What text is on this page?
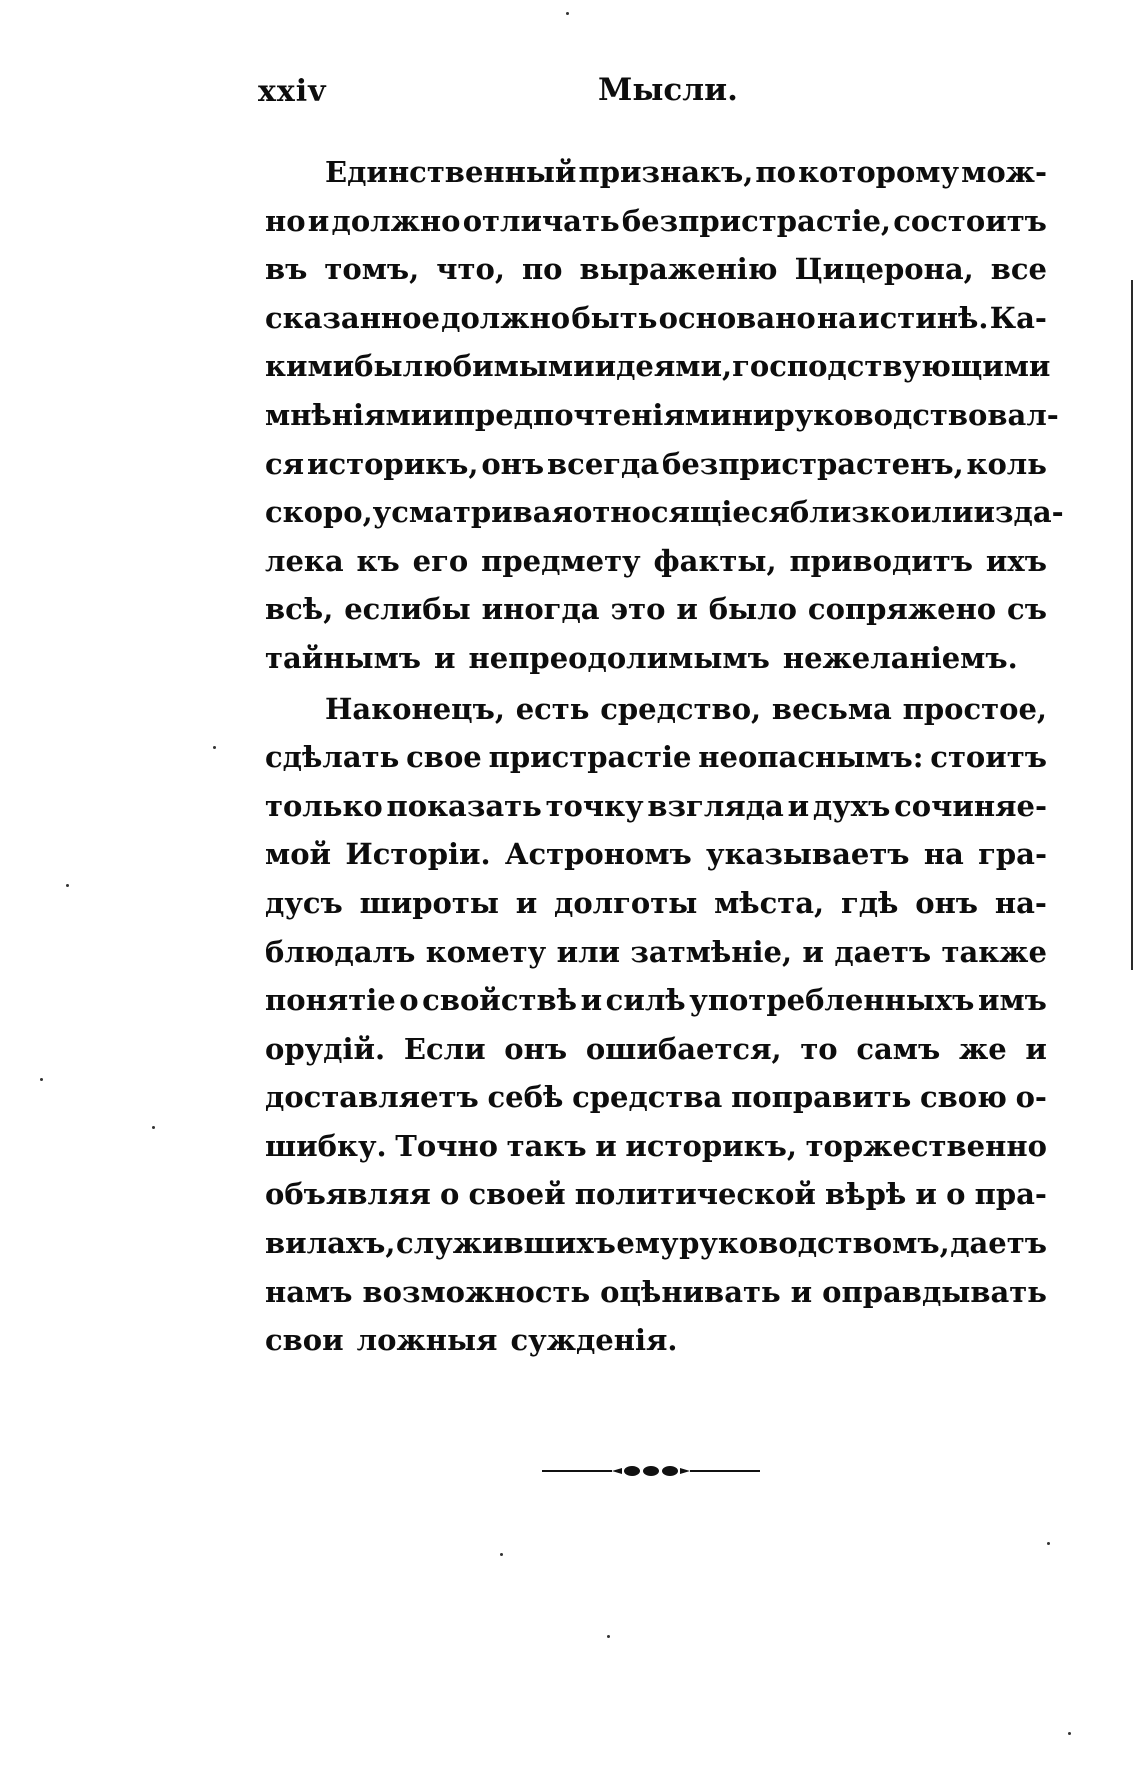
xxiv	Мысли.
Единственный признакъ, по которому мож-
но и должно отличать безпристрастіе, состоитъ
въ томъ, что, по выраженію Цицерона, все
сказанное должно быть основано на истинѣ. Ка-
кими бы любимыми идеями, господствующими
мнѣніями и предпочтеніями ни руководствовал-
ся историкъ, онъ всегда безпристрастенъ, коль
скоро, усматривая относящіеся близко или изда-
лека къ его предмету факты, приводитъ ихъ
всѣ, еслибы иногда это и было сопряжено съ
тайнымъ и непреодолимымъ нежеланіемъ.
Наконецъ, есть средство, весьма простое,
сдѣлать свое пристрастіе неопаснымъ: стоитъ
только показать точку взгляда и духъ сочиняе-
мой Исторіи. Астрономъ указываетъ на гра-
дусъ широты и долготы мѣста, гдѣ онъ на-
блюдалъ комету или затмѣніе, и даетъ также
понятіе о свойствѣ и силѣ употребленныхъ имъ
орудій. Если онъ ошибается, то самъ же и
доставляетъ себѣ средства поправить свою о-
шибку. Точно такъ и историкъ, торжественно
объявляя о своей политической вѣрѣ и о пра-
вилахъ, служившихъ ему руководствомъ, даетъ
намъ возможность оцѣнивать и оправдывать
свои ложныя сужденія.
